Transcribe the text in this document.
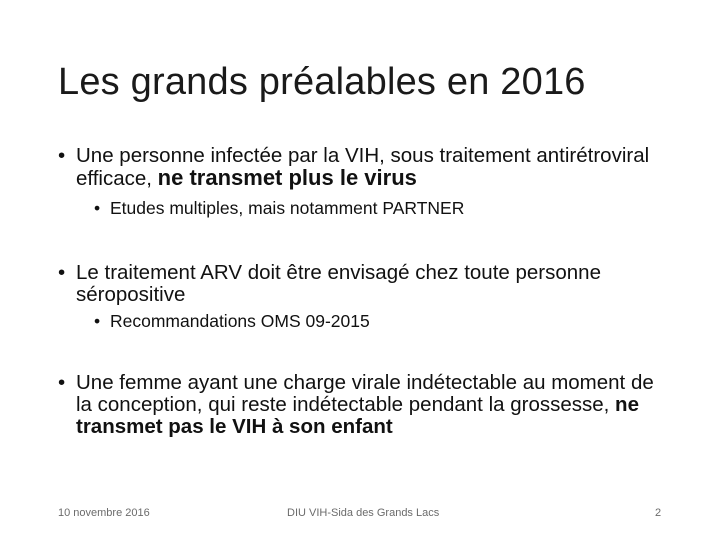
Les grands préalables en 2016
• Une personne infectée par la VIH, sous traitement antirétroviral efficace, ne transmet plus le virus
• Etudes multiples, mais notamment PARTNER
• Le traitement ARV doit être envisagé chez toute personne séropositive
• Recommandations OMS 09-2015
• Une femme ayant une charge virale indétectable au moment de la conception, qui reste indétectable pendant la grossesse, ne transmet pas le VIH à son enfant
10 novembre 2016	DIU VIH-Sida des Grands Lacs	2
